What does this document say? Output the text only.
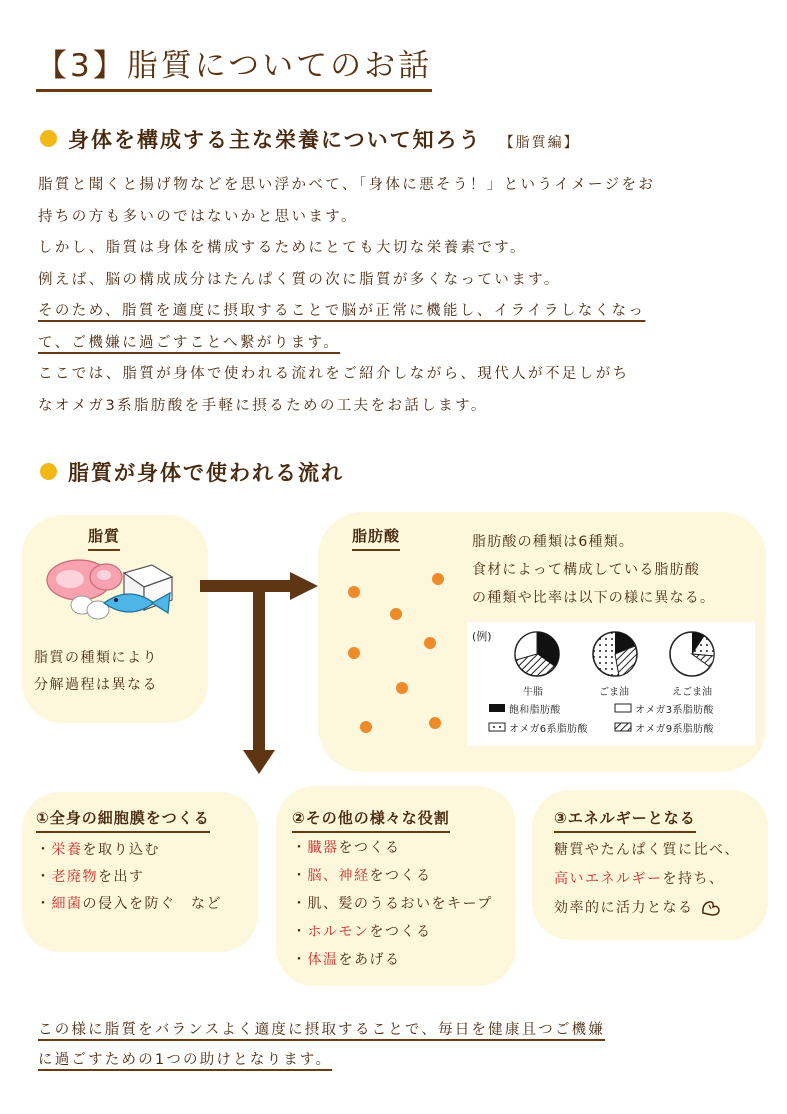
【3】脂質についてのお話
身体を構成する主な栄養について知ろう 【脂質編】
脂質と聞くと揚げ物などを思い浮かべて、「身体に悪そう！」というイメージをお
持ちの方も多いのではないかと思います。
しかし、脂質は身体を構成するためにとても大切な栄養素です。
例えば、脳の構成成分はたんぱく質の次に脂質が多くなっています。
そのため、脂質を適度に摂取することで脳が正常に機能し、イライラしなくなっ
て、ご機嫌に過ごすことへ繋がります。
ここでは、脂質が身体で使われる流れをご紹介しながら、現代人が不足しがち
なオメガ3系脂肪酸を手軽に摂るための工夫をお話します。
脂質が身体で使われる流れ
脂質
脂質の種類により
分解過程は異なる
脂肪酸	脂肪酸の種類は6種類。
食材によって構成している脂肪酸
の種類や比率は以下の様に異なる。
(例)
牛脂	ごま油	えごま油
飽和脂肪酸	オメガ3系脂肪酸
オメガ6系脂肪酸	オメガ9系脂肪酸
①全身の細胞膜をつくる
・栄養を取り込む
・老廃物を出す
・細菌の侵入を防ぐ　など
②その他の様々な役割
・臓器をつくる
・脳、神経をつくる
・肌、髪のうるおいをキープ
・ホルモンをつくる
・体温をあげる
③エネルギーとなる
糖質やたんぱく質に比べ、
高いエネルギーを持ち、
効率的に活力となる
この様に脂質をバランスよく適度に摂取することで、毎日を健康且つご機嫌
に過ごすための1つの助けとなります。
